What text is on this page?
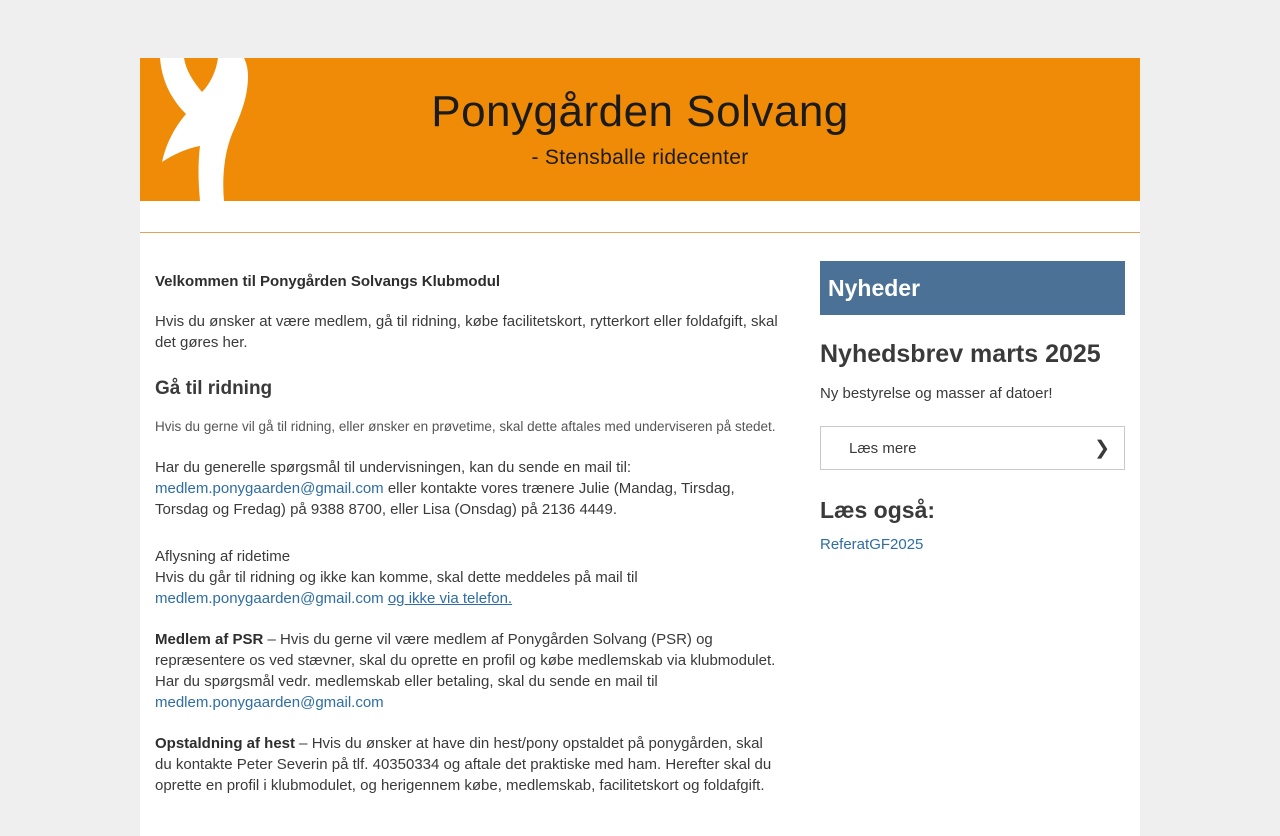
Ponygården Solvang
- Stensballe ridecenter

Velkommen til Ponygården Solvangs Klubmodul

Hvis du ønsker at være medlem, gå til ridning, købe facilitetskort, rytterkort eller foldafgift, skal det gøres her.

Gå til ridning

Hvis du gerne vil gå til ridning, eller ønsker en prøvetime, skal dette aftales med underviseren på stedet.

Har du generelle spørgsmål til undervisningen, kan du sende en mail til: medlem.ponygaarden@gmail.com eller kontakte vores trænere Julie (Mandag, Tirsdag, Torsdag og Fredag) på 9388 8700, eller Lisa (Onsdag) på 2136 4449.

Aflysning af ridetime

Hvis du går til ridning og ikke kan komme, skal dette meddeles på mail til
medlem.ponygaarden@gmail.com og ikke via telefon.

Medlem af PSR – Hvis du gerne vil være medlem af Ponygården Solvang (PSR) og repræsentere os ved stævner, skal du oprette en profil og købe medlemskab via klubmodulet. Har du spørgsmål vedr. medlemskab eller betaling, skal du sende en mail til
medlem.ponygaarden@gmail.com

Opstaldning af hest – Hvis du ønsker at have din hest/pony opstaldet på ponygården, skal du kontakte Peter Severin på tlf. 40350334 og aftale det praktiske med ham. Herefter skal du oprette en profil i klubmodulet, og herigennem købe, medlemskab, facilitetskort og foldafgift.

Nyheder
Nyhedsbrev marts 2025

Ny bestyrelse og masser af datoer!

Læs mere	❯
Læs også:
ReferatGF2025
